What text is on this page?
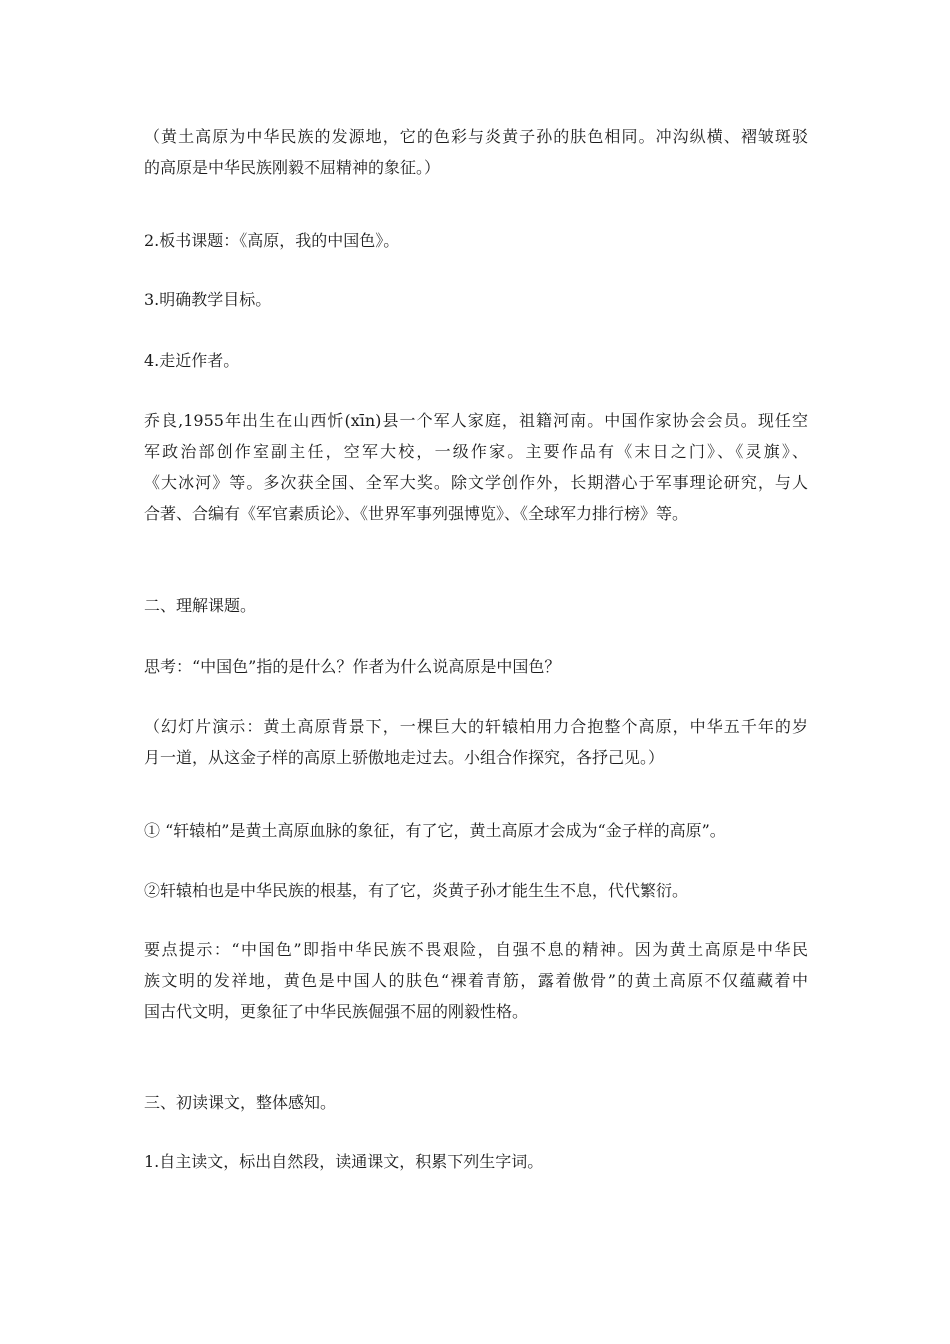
（黄土高原为中华民族的发源地，它的色彩与炎黄子孙的肤色相同。冲沟纵横、褶皱斑驳
的高原是中华民族刚毅不屈精神的象征。）
2.板书课题：《高原，我的中国色》。
3.明确教学目标。
4.走近作者。
乔良,1955年出生在山西忻(xīn)县一个军人家庭，祖籍河南。中国作家协会会员。现任空
军政治部创作室副主任，空军大校，一级作家。主要作品有《末日之门》、《灵旗》、
《大冰河》等。多次获全国、全军大奖。除文学创作外，长期潜心于军事理论研究，与人
合著、合编有《军官素质论》、《世界军事列强博览》、《全球军力排行榜》等。
二、理解课题。
思考：“中国色”指的是什么？作者为什么说高原是中国色？
（幻灯片演示：黄土高原背景下，一棵巨大的轩辕柏用力合抱整个高原，中华五千年的岁
月一道，从这金子样的高原上骄傲地走过去。小组合作探究，各抒己见。）
① “轩辕柏”是黄土高原血脉的象征，有了它，黄土高原才会成为“金子样的高原”。
②轩辕柏也是中华民族的根基，有了它，炎黄子孙才能生生不息，代代繁衍。
要点提示：“中国色”即指中华民族不畏艰险，自强不息的精神。因为黄土高原是中华民
族文明的发祥地，黄色是中国人的肤色“裸着青筋，露着傲骨”的黄土高原不仅蕴藏着中
国古代文明，更象征了中华民族倔强不屈的刚毅性格。
三、初读课文，整体感知。
1.自主读文，标出自然段，读通课文，积累下列生字词。
